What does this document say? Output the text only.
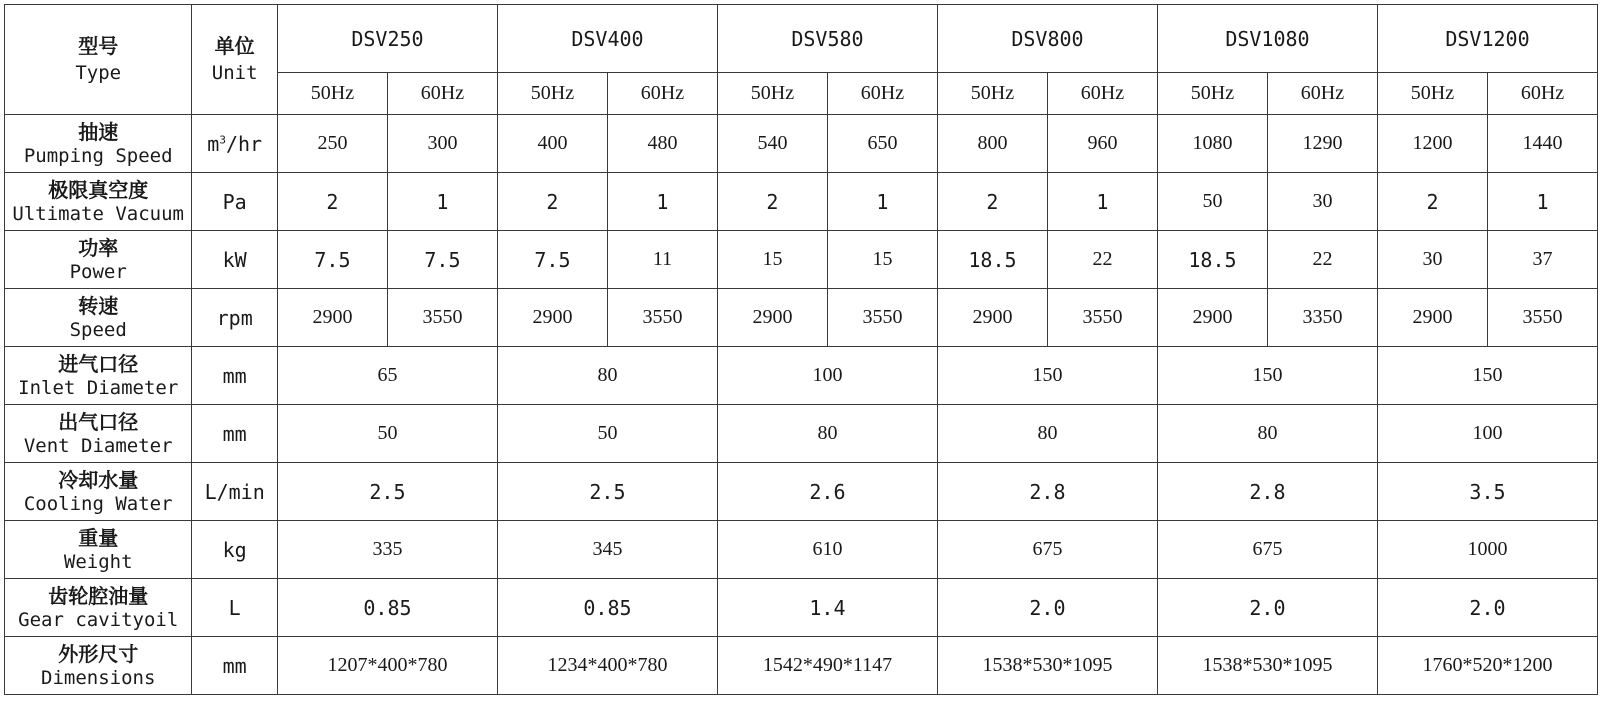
型号
Type	单位
Unit	DSV250		DSV400		DSV580		DSV800		DSV1080		DSV1200	
		50Hz	60Hz	50Hz	60Hz	50Hz	60Hz	50Hz	60Hz	50Hz	60Hz	50Hz	60Hz

抽速
Pumping Speed	$m^3/hr$	250	300	400	480	540	650	800	960	1080	1290	1200	1440

极限真空度
Ultimate Vacuum	Pa	2	1	2	1	2	1	2	1	50	30	2	1

功率
Power	kW	7.5	7.5	7.5	11	15	15	18.5	22	18.5	22	30	37

转速
Speed	rpm	2900	3550	2900	3550	2900	3550	2900	3550	2900	3350	2900	3550

进气口径
Inlet Diameter	mm	65		80		100		150		150		150	

出气口径
Vent Diameter	mm	50		50		80		80		80		100	

冷却水量
Cooling Water	L/min	2.5		2.5		2.6		2.8		2.8		3.5	

重量
Weight	kg	335		345		610		675		675		1000	

齿轮腔油量
Gear cavityoil	L	0.85		0.85		1.4		2.0		2.0		2.0	

外形尺寸
Dimensions	mm	1207*400*780		1234*400*780		1542*490*1147		1538*530*1095		1538*530*1095		1760*520*1200	
